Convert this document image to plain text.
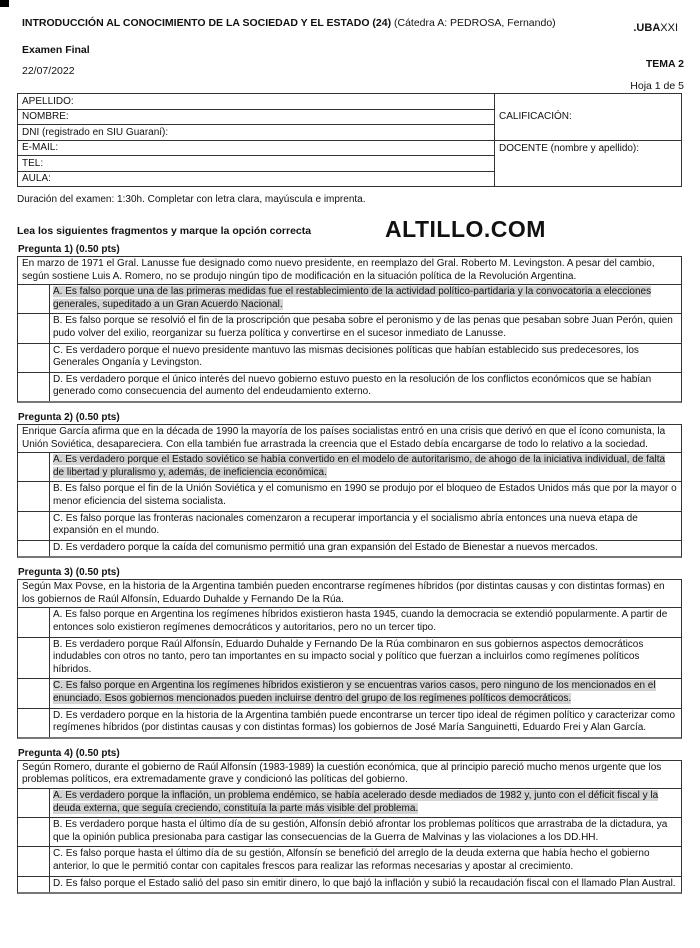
INTRODUCCIÓN AL CONOCIMIENTO DE LA SOCIEDAD Y EL ESTADO (24) (Cátedra A: PEDROSA, Fernando)
Examen Final
22/07/2022
.UBAXXI
TEMA 2
Hoja 1 de 5
APELLIDO:	CALIFICACIÓN:
NOMBRE:	
DNI (registrado en SIU Guaraní):	
E-MAIL:	DOCENTE (nombre y apellido):
TEL:	
AULA:	
Duración del examen: 1:30h. Completar con letra clara, mayúscula e imprenta.
Lea los siguientes fragmentos y marque la opción correcta	ALTILLO.COM
Pregunta 1) (0.50 pts)
En marzo de 1971 el Gral. Lanusse fue designado como nuevo presidente, en reemplazo del Gral. Roberto M. Levingston. A pesar del cambio, según sostiene Luis A. Romero, no se produjo ningún tipo de modificación en la situación política de la Revolución Argentina.
A. Es falso porque una de las primeras medidas fue el restablecimiento de la actividad político-partidaria y la convocatoria a elecciones generales, supeditado a un Gran Acuerdo Nacional.
B. Es falso porque se resolvió el fin de la proscripción que pesaba sobre el peronismo y de las penas que pesaban sobre Juan Perón, quien pudo volver del exilio, reorganizar su fuerza política y convertirse en el sucesor inmediato de Lanusse.
C. Es verdadero porque el nuevo presidente mantuvo las mismas decisiones políticas que habían establecido sus predecesores, los Generales Onganía y Levingston.
D. Es verdadero porque el único interés del nuevo gobierno estuvo puesto en la resolución de los conflictos económicos que se habían generado como consecuencia del aumento del endeudamiento externo.
Pregunta 2) (0.50 pts)
Enrique García afirma que en la década de 1990 la mayoría de los países socialistas entró en una crisis que derivó en que el ícono comunista, la Unión Soviética, desapareciera. Con ella también fue arrastrada la creencia que el Estado debía encargarse de todo lo relativo a la sociedad.
A. Es verdadero porque el Estado soviético se había convertido en el modelo de autoritarismo, de ahogo de la iniciativa individual, de falta de libertad y pluralismo y, además, de ineficiencia económica.
B. Es falso porque el fin de la Unión Soviética y el comunismo en 1990 se produjo por el bloqueo de Estados Unidos más que por la mayor o menor eficiencia del sistema socialista.
C. Es falso porque las fronteras nacionales comenzaron a recuperar importancia y el socialismo abría entonces una nueva etapa de expansión en el mundo.
D. Es verdadero porque la caída del comunismo permitió una gran expansión del Estado de Bienestar a nuevos mercados.
Pregunta 3) (0.50 pts)
Según Max Povse, en la historia de la Argentina también pueden encontrarse regímenes híbridos (por distintas causas y con distintas formas) en los gobiernos de Raúl Alfonsín, Eduardo Duhalde y Fernando De la Rúa.
A. Es falso porque en Argentina los regímenes híbridos existieron hasta 1945, cuando la democracia se extendió popularmente. A partir de entonces solo existieron regímenes democráticos y autoritarios, pero no un tercer tipo.
B. Es verdadero porque Raúl Alfonsín, Eduardo Duhalde y Fernando De la Rúa combinaron en sus gobiernos aspectos democráticos indudables con otros no tanto, pero tan importantes en su impacto social y político que fuerzan a incluirlos como regímenes políticos híbridos.
C. Es falso porque en Argentina los regímenes híbridos existieron y se encuentras varios casos, pero ninguno de los mencionados en el enunciado. Esos gobiernos mencionados pueden incluirse dentro del grupo de los regímenes políticos democráticos.
D. Es verdadero porque en la historia de la Argentina también puede encontrarse un tercer tipo ideal de régimen político y caracterizar como regímenes híbridos (por distintas causas y con distintas formas) los gobiernos de José María Sanguinetti, Eduardo Frei y Alan García.
Pregunta 4) (0.50 pts)
Según Romero, durante el gobierno de Raúl Alfonsín (1983-1989) la cuestión económica, que al principio pareció mucho menos urgente que los problemas políticos, era extremadamente grave y condicionó las políticas del gobierno.
A. Es verdadero porque la inflación, un problema endémico, se había acelerado desde mediados de 1982 y, junto con el déficit fiscal y la deuda externa, que seguía creciendo, constituía la parte más visible del problema.
B. Es verdadero porque hasta el último día de su gestión, Alfonsín debió afrontar los problemas políticos que arrastraba de la dictadura, ya que la opinión publica presionaba para castigar las consecuencias de la Guerra de Malvinas y las violaciones a los DD.HH.
C. Es falso porque hasta el último día de su gestión, Alfonsín se benefició del arreglo de la deuda externa que había hecho el gobierno anterior, lo que le permitió contar con capitales frescos para realizar las reformas necesarias y apostar al crecimiento.
D. Es falso porque el Estado salió del paso sin emitir dinero, lo que bajó la inflación y subió la recaudación fiscal con el llamado Plan Austral.
